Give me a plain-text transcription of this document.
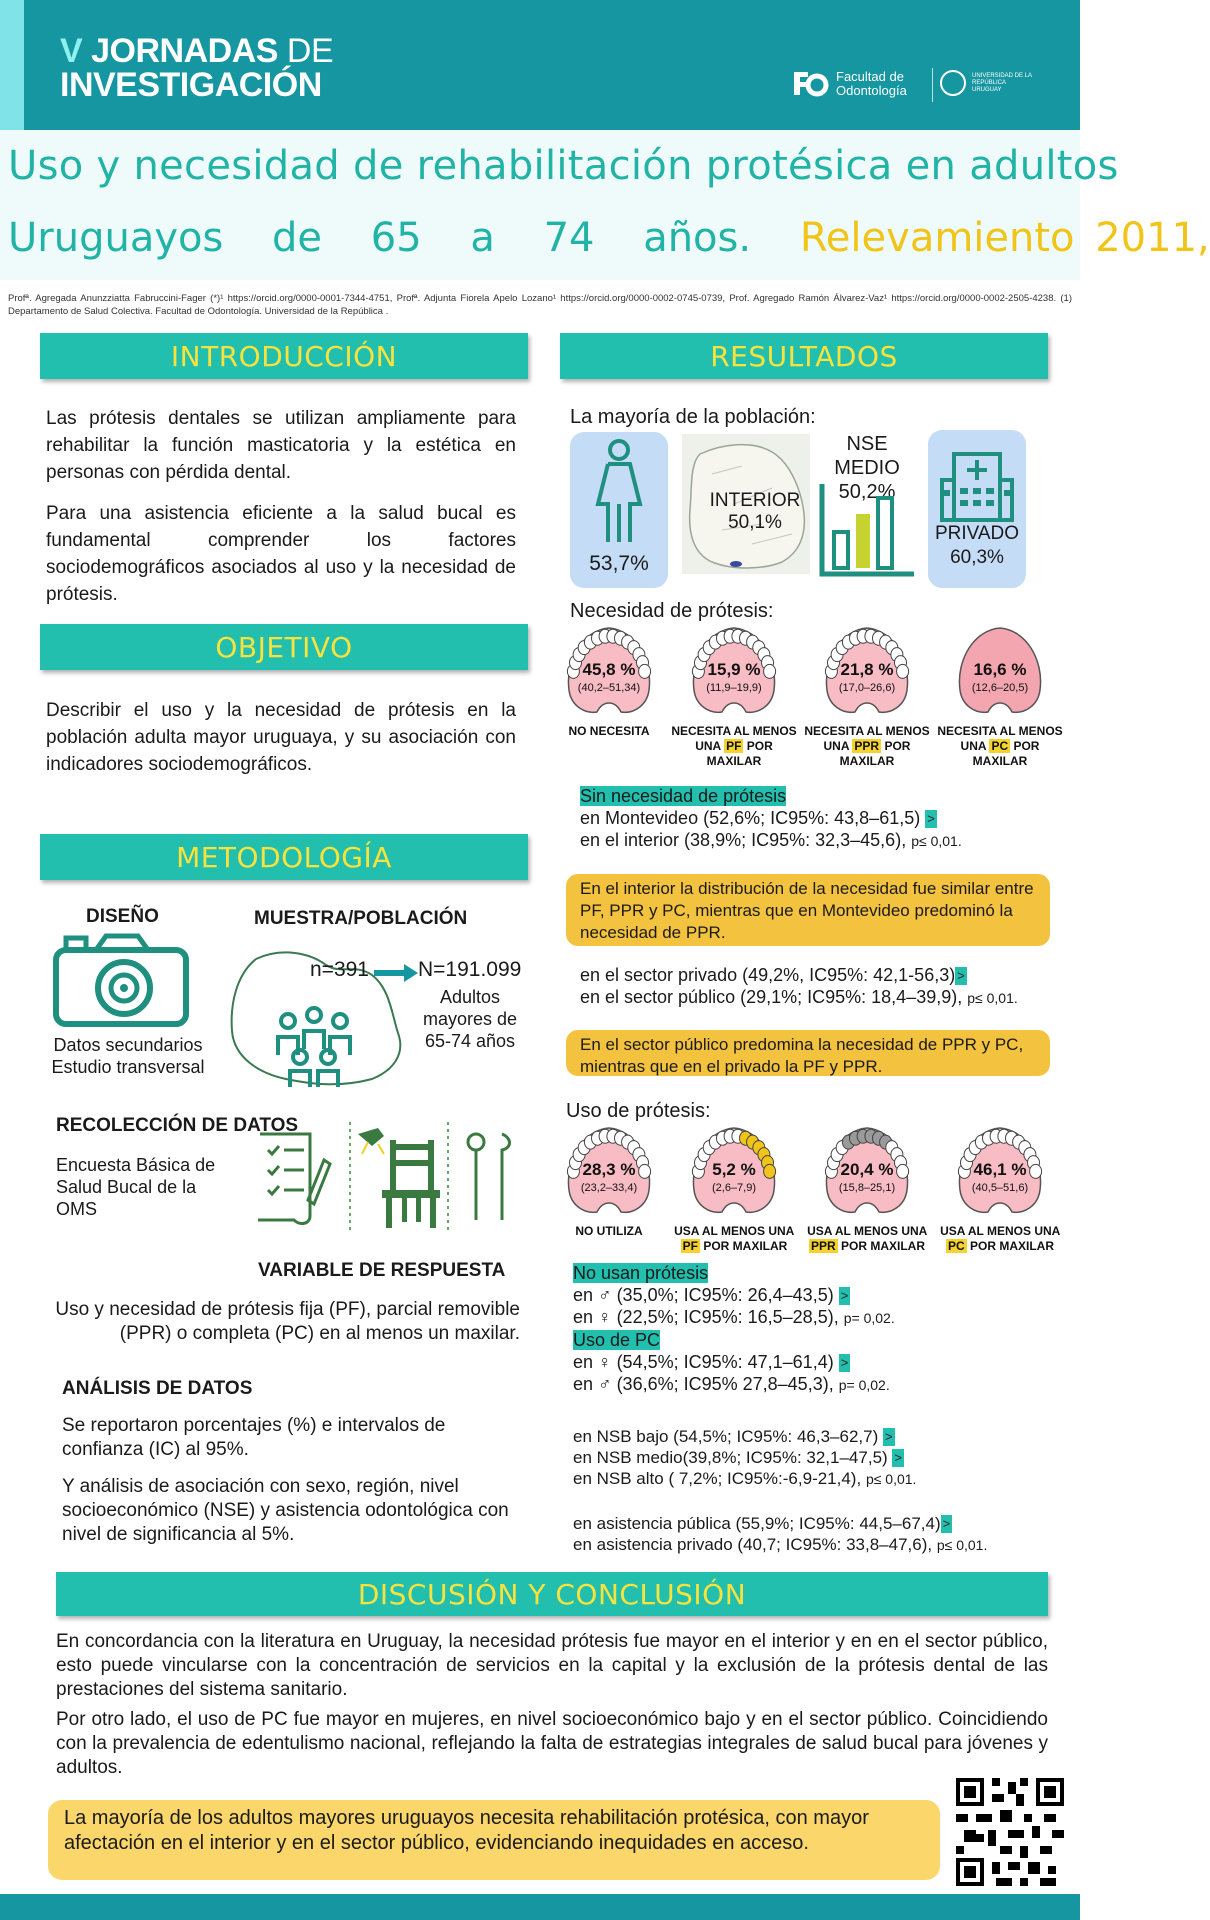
V JORNADAS DE
INVESTIGACIÓN	Facultad de
Odontología
UNIVERSIDAD DE LA REPÚBLICA URUGUAY
Uso y necesidad de rehabilitación protésica en adultos
Uruguayos de 65 a 74 años. Relevamiento 2011,
Profª. Agregada Anunzziatta Fabruccini-Fager (*)¹ https://orcid.org/0000-0001-7344-4751, Profª. Adjunta Fiorela Apelo Lozano¹ https://orcid.org/0000-0002-0745-0739, Prof. Agregado Ramón Álvarez-Vaz¹ https://orcid.org/0000-0002-2505-4238. (1) Departamento de Salud Colectiva. Facultad de Odontología. Universidad de la República .
INTRODUCCIÓN
Las prótesis dentales se utilizan ampliamente para rehabilitar la función masticatoria y la estética en personas con pérdida dental.
Para una asistencia eficiente a la salud bucal es fundamental comprender los factores sociodemográficos asociados al uso y la necesidad de prótesis.
OBJETIVO
Describir el uso y la necesidad de prótesis en la población adulta mayor uruguaya, y su asociación con indicadores sociodemográficos.
METODOLOGÍA
DISEÑO
Datos secundarios
Estudio transversal
MUESTRA/POBLACIÓN
n=391 N=191.099
Adultos mayores de 65-74 años
RECOLECCIÓN DE DATOS
Encuesta Básica de Salud Bucal de la OMS
VARIABLE DE RESPUESTA
Uso y necesidad de prótesis fija (PF), parcial removible (PPR) o completa (PC) en al menos un maxilar.
ANÁLISIS DE DATOS
Se reportaron porcentajes (%) e intervalos de confianza (IC) al 95%.
Y análisis de asociación con sexo, región, nivel socioeconómico (NSE) y asistencia odontológica con nivel de significancia al 5%.
RESULTADOS
La mayoría de la población:
53,7%
INTERIOR
50,1%
NSE MEDIO
50,2%
PRIVADO
60,3%
Necesidad de prótesis:
45,8 %
(40,2–51,34)
NO NECESITA
15,9 %
(11,9–19,9)
NECESITA AL MENOS UNA PF POR
MAXILAR
21,8 %
(17,0–26,6)
NECESITA AL MENOS UNA PPR POR
MAXILAR
16,6 %
(12,6–20,5)
NECESITA AL MENOS UNA PC POR
MAXILAR
Sin necesidad de prótesis
en Montevideo (52,6%; IC95%: 43,8–61,5) >
en el interior (38,9%; IC95%: 32,3–45,6), p≤ 0,01.
En el interior la distribución de la necesidad fue similar entre PF, PPR y PC, mientras que en Montevideo predominó la necesidad de PPR.
en el sector privado (49,2%, IC95%: 42,1-56,3) >
en el sector público (29,1%; IC95%: 18,4–39,9), p≤ 0,01.
En el sector público predomina la necesidad de PPR y PC, mientras que en el privado la PF y PPR.
Uso de prótesis:
28,3 %
(23,2–33,4)
NO UTILIZA
5,2 %
(2,6–7,9)
USA AL MENOS UNA PF POR MAXILAR
20,4 %
(15,8–25,1)
USA AL MENOS UNA PPR POR MAXILAR
46,1 %
(40,5–51,6)
USA AL MENOS UNA PC POR MAXILAR
No usan prótesis
en ♂ (35,0%; IC95%: 26,4–43,5) >
en ♀ (22,5%; IC95%: 16,5–28,5), p= 0,02.
Uso de PC
en ♀ (54,5%; IC95%: 47,1–61,4) >
en ♂ (36,6%; IC95% 27,8–45,3), p= 0,02.
en NSB bajo (54,5%; IC95%: 46,3–62,7) >
en NSB medio(39,8%; IC95%: 32,1–47,5) >
en NSB alto ( 7,2%; IC95%:-6,9-21,4), p≤ 0,01.
en asistencia pública (55,9%; IC95%: 44,5–67,4) >
en asistencia privado (40,7; IC95%: 33,8–47,6), p≤ 0,01.
DISCUSIÓN Y CONCLUSIÓN
En concordancia con la literatura en Uruguay, la necesidad prótesis fue mayor en el interior y en en el sector público, esto puede vincularse con la concentración de servicios en la capital y la exclusión de la prótesis dental de las prestaciones del sistema sanitario.
Por otro lado, el uso de PC fue mayor en mujeres, en nivel socioeconómico bajo y en el sector público. Coincidiendo con la prevalencia de edentulismo nacional, reflejando la falta de estrategias integrales de salud bucal para jóvenes y adultos.
La mayoría de los adultos mayores uruguayos necesita rehabilitación protésica, con mayor afectación en el interior y en el sector público, evidenciando inequidades en acceso.
